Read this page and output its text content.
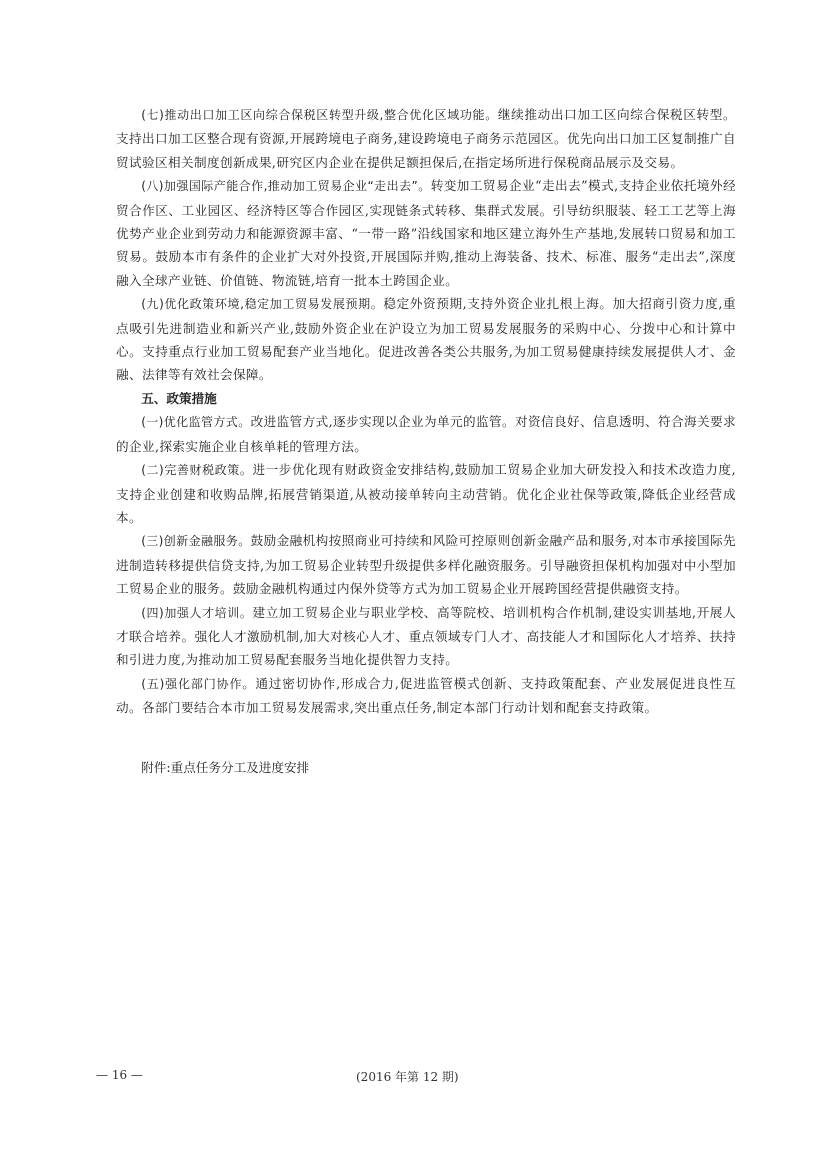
(七)推动出口加工区向综合保税区转型升级,整合优化区域功能。继续推动出口加工区向综合保税区转型。支持出口加工区整合现有资源,开展跨境电子商务,建设跨境电子商务示范园区。优先向出口加工区复制推广自贸试验区相关制度创新成果,研究区内企业在提供足额担保后,在指定场所进行保税商品展示及交易。

(八)加强国际产能合作,推动加工贸易企业“走出去”。转变加工贸易企业“走出去”模式,支持企业依托境外经贸合作区、工业园区、经济特区等合作园区,实现链条式转移、集群式发展。引导纺织服装、轻工工艺等上海优势产业企业到劳动力和能源资源丰富、“一带一路”沿线国家和地区建立海外生产基地,发展转口贸易和加工贸易。鼓励本市有条件的企业扩大对外投资,开展国际并购,推动上海装备、技术、标准、服务“走出去”,深度融入全球产业链、价值链、物流链,培育一批本土跨国企业。

(九)优化政策环境,稳定加工贸易发展预期。稳定外资预期,支持外资企业扎根上海。加大招商引资力度,重点吸引先进制造业和新兴产业,鼓励外资企业在沪设立为加工贸易发展服务的采购中心、分拨中心和计算中心。支持重点行业加工贸易配套产业当地化。促进改善各类公共服务,为加工贸易健康持续发展提供人才、金融、法律等有效社会保障。

五、政策措施

(一)优化监管方式。改进监管方式,逐步实现以企业为单元的监管。对资信良好、信息透明、符合海关要求的企业,探索实施企业自核单耗的管理方法。

(二)完善财税政策。进一步优化现有财政资金安排结构,鼓励加工贸易企业加大研发投入和技术改造力度,支持企业创建和收购品牌,拓展营销渠道,从被动接单转向主动营销。优化企业社保等政策,降低企业经营成本。

(三)创新金融服务。鼓励金融机构按照商业可持续和风险可控原则创新金融产品和服务,对本市承接国际先进制造转移提供信贷支持,为加工贸易企业转型升级提供多样化融资服务。引导融资担保机构加强对中小型加工贸易企业的服务。鼓励金融机构通过内保外贷等方式为加工贸易企业开展跨国经营提供融资支持。

(四)加强人才培训。建立加工贸易企业与职业学校、高等院校、培训机构合作机制,建设实训基地,开展人才联合培养。强化人才激励机制,加大对核心人才、重点领域专门人才、高技能人才和国际化人才培养、扶持和引进力度,为推动加工贸易配套服务当地化提供智力支持。

(五)强化部门协作。通过密切协作,形成合力,促进监管模式创新、支持政策配套、产业发展促进良性互动。各部门要结合本市加工贸易发展需求,突出重点任务,制定本部门行动计划和配套支持政策。

附件:重点任务分工及进度安排

— 16 —	(2016 年第 12 期)
